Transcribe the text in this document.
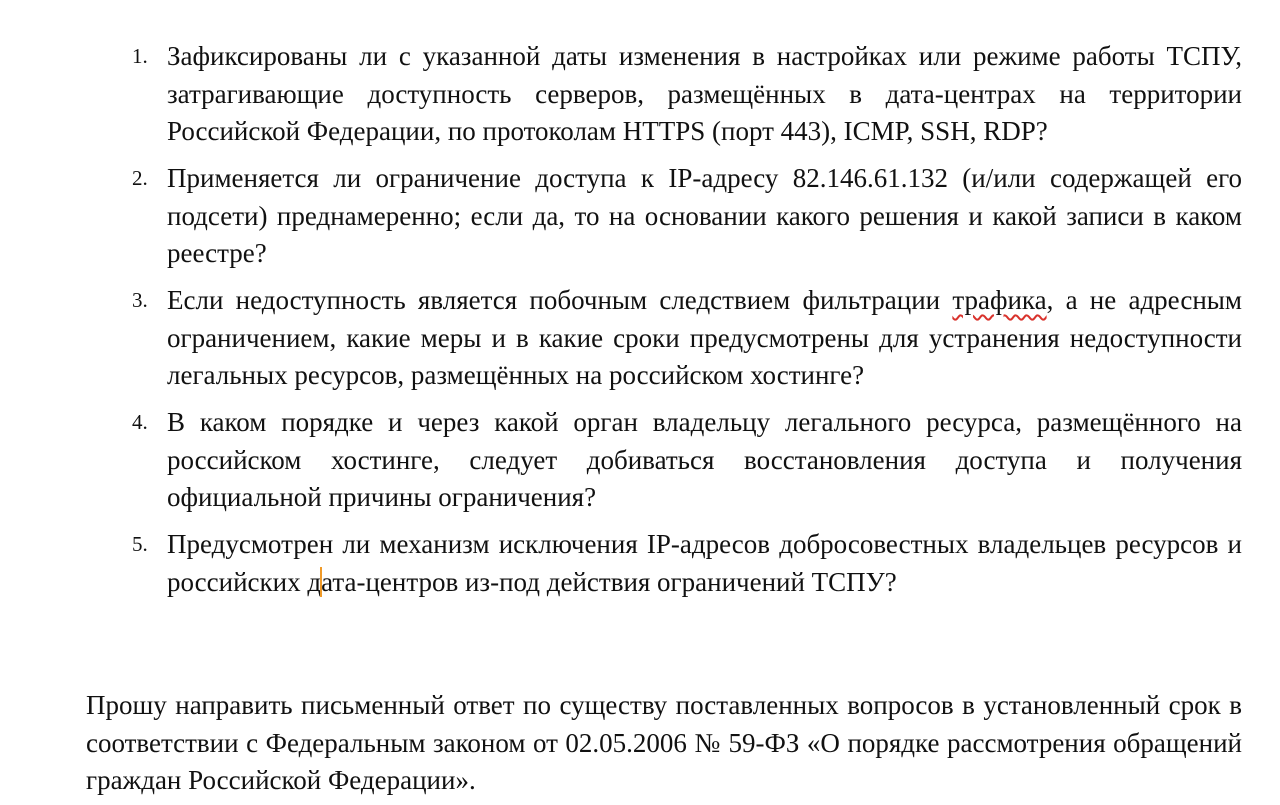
1. Зафиксированы ли с указанной даты изменения в настройках или режиме работы ТСПУ, затрагивающие доступность серверов, размещённых в дата-центрах на территории Российской Федерации, по протоколам HTTPS (порт 443), ICMP, SSH, RDP?
2. Применяется ли ограничение доступа к IP-адресу 82.146.61.132 (и/или содержащей его подсети) преднамеренно; если да, то на основании какого решения и какой записи в каком реестре?
3. Если недоступность является побочным следствием фильтрации трафика, а не адресным ограничением, какие меры и в какие сроки предусмотрены для устранения недоступности легальных ресурсов, размещённых на российском хостинге?
4. В каком порядке и через какой орган владельцу легального ресурса, размещённого на российском хостинге, следует добиваться восстановления доступа и получения официальной причины ограничения?
5. Предусмотрен ли механизм исключения IP-адресов добросовестных владельцев ресурсов и российских дата-центров из-под действия ограничений ТСПУ?

Прошу направить письменный ответ по существу поставленных вопросов в установленный срок в соответствии с Федеральным законом от 02.05.2006 № 59-ФЗ «О порядке рассмотрения обращений граждан Российской Федерации».
